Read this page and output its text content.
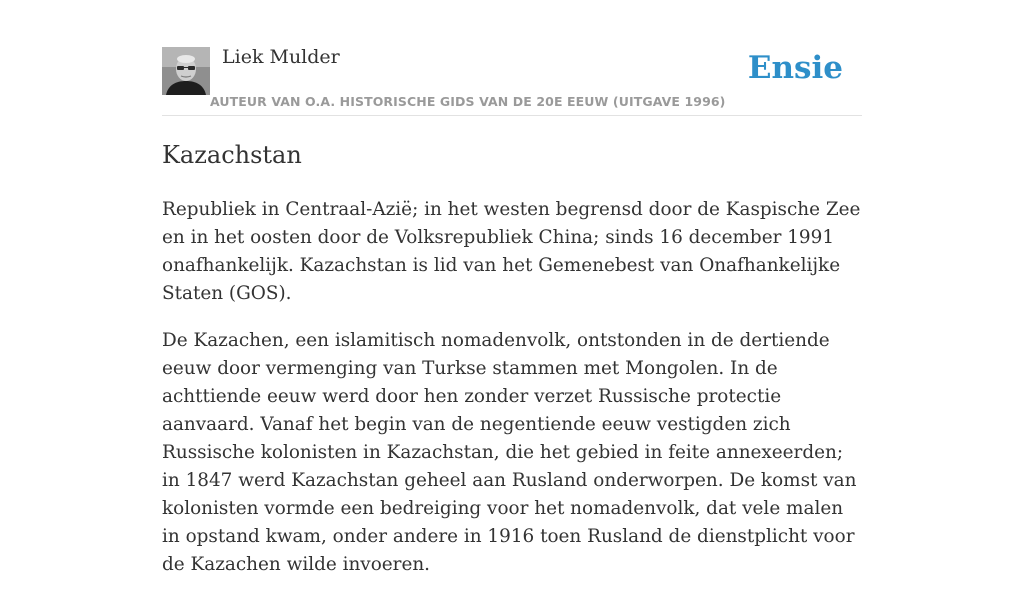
Liek Mulder
AUTEUR VAN O.A. HISTORISCHE GIDS VAN DE 20E EEUW (UITGAVE 1996)
Ensie
Kazachstan

Republiek in Centraal-Azië; in het westen begrensd door de Kaspische Zee en in het oosten door de Volksrepubliek China; sinds 16 december 1991 onafhankelijk. Kazachstan is lid van het Gemenebest van Onafhankelijke Staten (GOS).

De Kazachen, een islamitisch nomadenvolk, ontstonden in de dertiende eeuw door vermenging van Turkse stammen met Mongolen. In de achttiende eeuw werd door hen zonder verzet Russische protectie aanvaard. Vanaf het begin van de negentiende eeuw vestigden zich Russische kolonisten in Kazachstan, die het gebied in feite annexeerden; in 1847 werd Kazachstan geheel aan Rusland onderworpen. De komst van kolonisten vormde een bedreiging voor het nomadenvolk, dat vele malen in opstand kwam, onder andere in 1916 toen Rusland de dienstplicht voor de Kazachen wilde invoeren.
